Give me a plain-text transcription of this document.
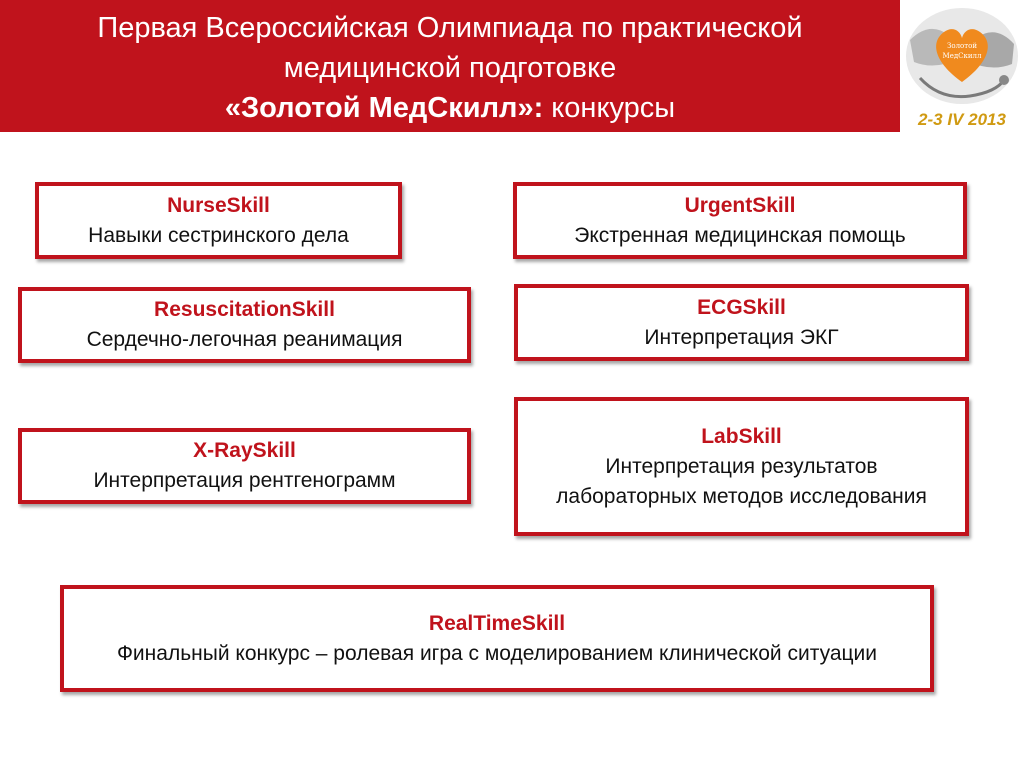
Первая Всероссийская Олимпиада по практической
медицинской подготовке
«Золотой МедСкилл»: конкурсы
Золотой
МедСкилл
2-3 IV 2013
NurseSkill
Навыки сестринского дела
UrgentSkill
Экстренная медицинская помощь
ResuscitationSkill
Сердечно-легочная реанимация
ECGSkill
Интерпретация ЭКГ
X-RaySkill
Интерпретация рентгенограмм
LabSkill
Интерпретация результатов лабораторных методов исследования
RealTimeSkill
Финальный конкурс – ролевая игра с моделированием клинической ситуации
